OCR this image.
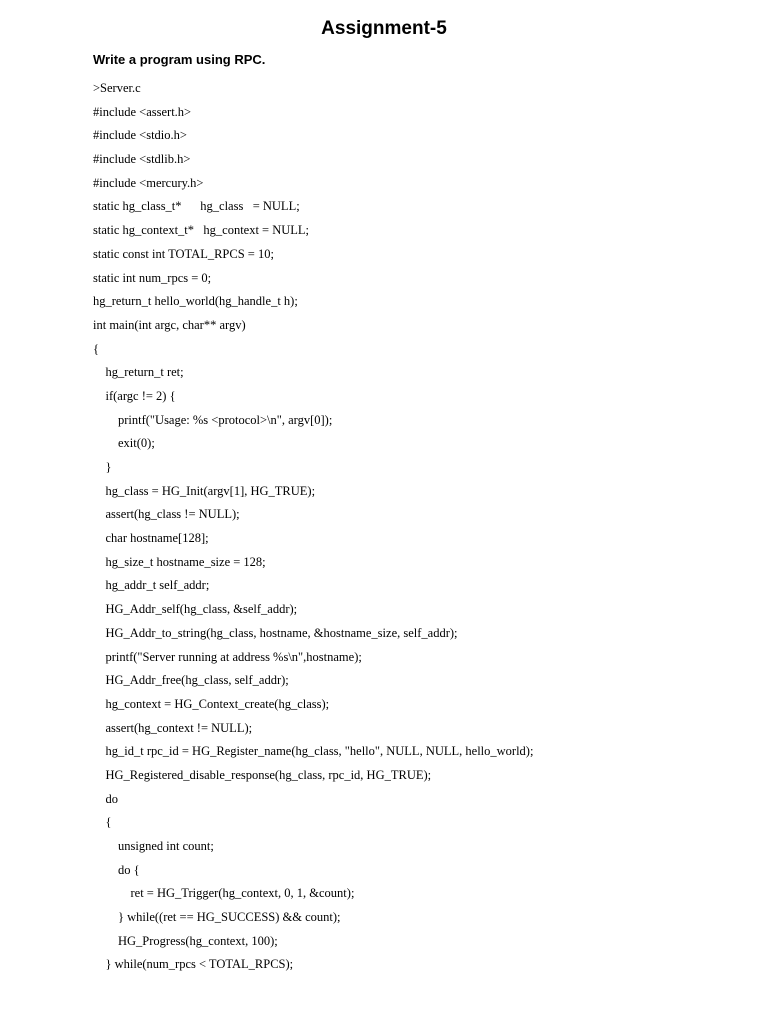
Assignment-5
Write a program using RPC.
>Server.c
#include <assert.h>
#include <stdio.h>
#include <stdlib.h>
#include <mercury.h>
static hg_class_t*      hg_class   = NULL;
static hg_context_t*   hg_context = NULL;
static const int TOTAL_RPCS = 10;
static int num_rpcs = 0;
hg_return_t hello_world(hg_handle_t h);
int main(int argc, char** argv)
{
hg_return_t ret;
if(argc != 2) {
printf("Usage: %s <protocol>\n", argv[0]);
exit(0);
}
hg_class = HG_Init(argv[1], HG_TRUE);
assert(hg_class != NULL);
char hostname[128];
hg_size_t hostname_size = 128;
hg_addr_t self_addr;
HG_Addr_self(hg_class, &self_addr);
HG_Addr_to_string(hg_class, hostname, &hostname_size, self_addr);
printf("Server running at address %s\n",hostname);
HG_Addr_free(hg_class, self_addr);
hg_context = HG_Context_create(hg_class);
assert(hg_context != NULL);
hg_id_t rpc_id = HG_Register_name(hg_class, "hello", NULL, NULL, hello_world);
HG_Registered_disable_response(hg_class, rpc_id, HG_TRUE);
do
{
unsigned int count;
do {
ret = HG_Trigger(hg_context, 0, 1, &count);
} while((ret == HG_SUCCESS) && count);
HG_Progress(hg_context, 100);
} while(num_rpcs < TOTAL_RPCS);
